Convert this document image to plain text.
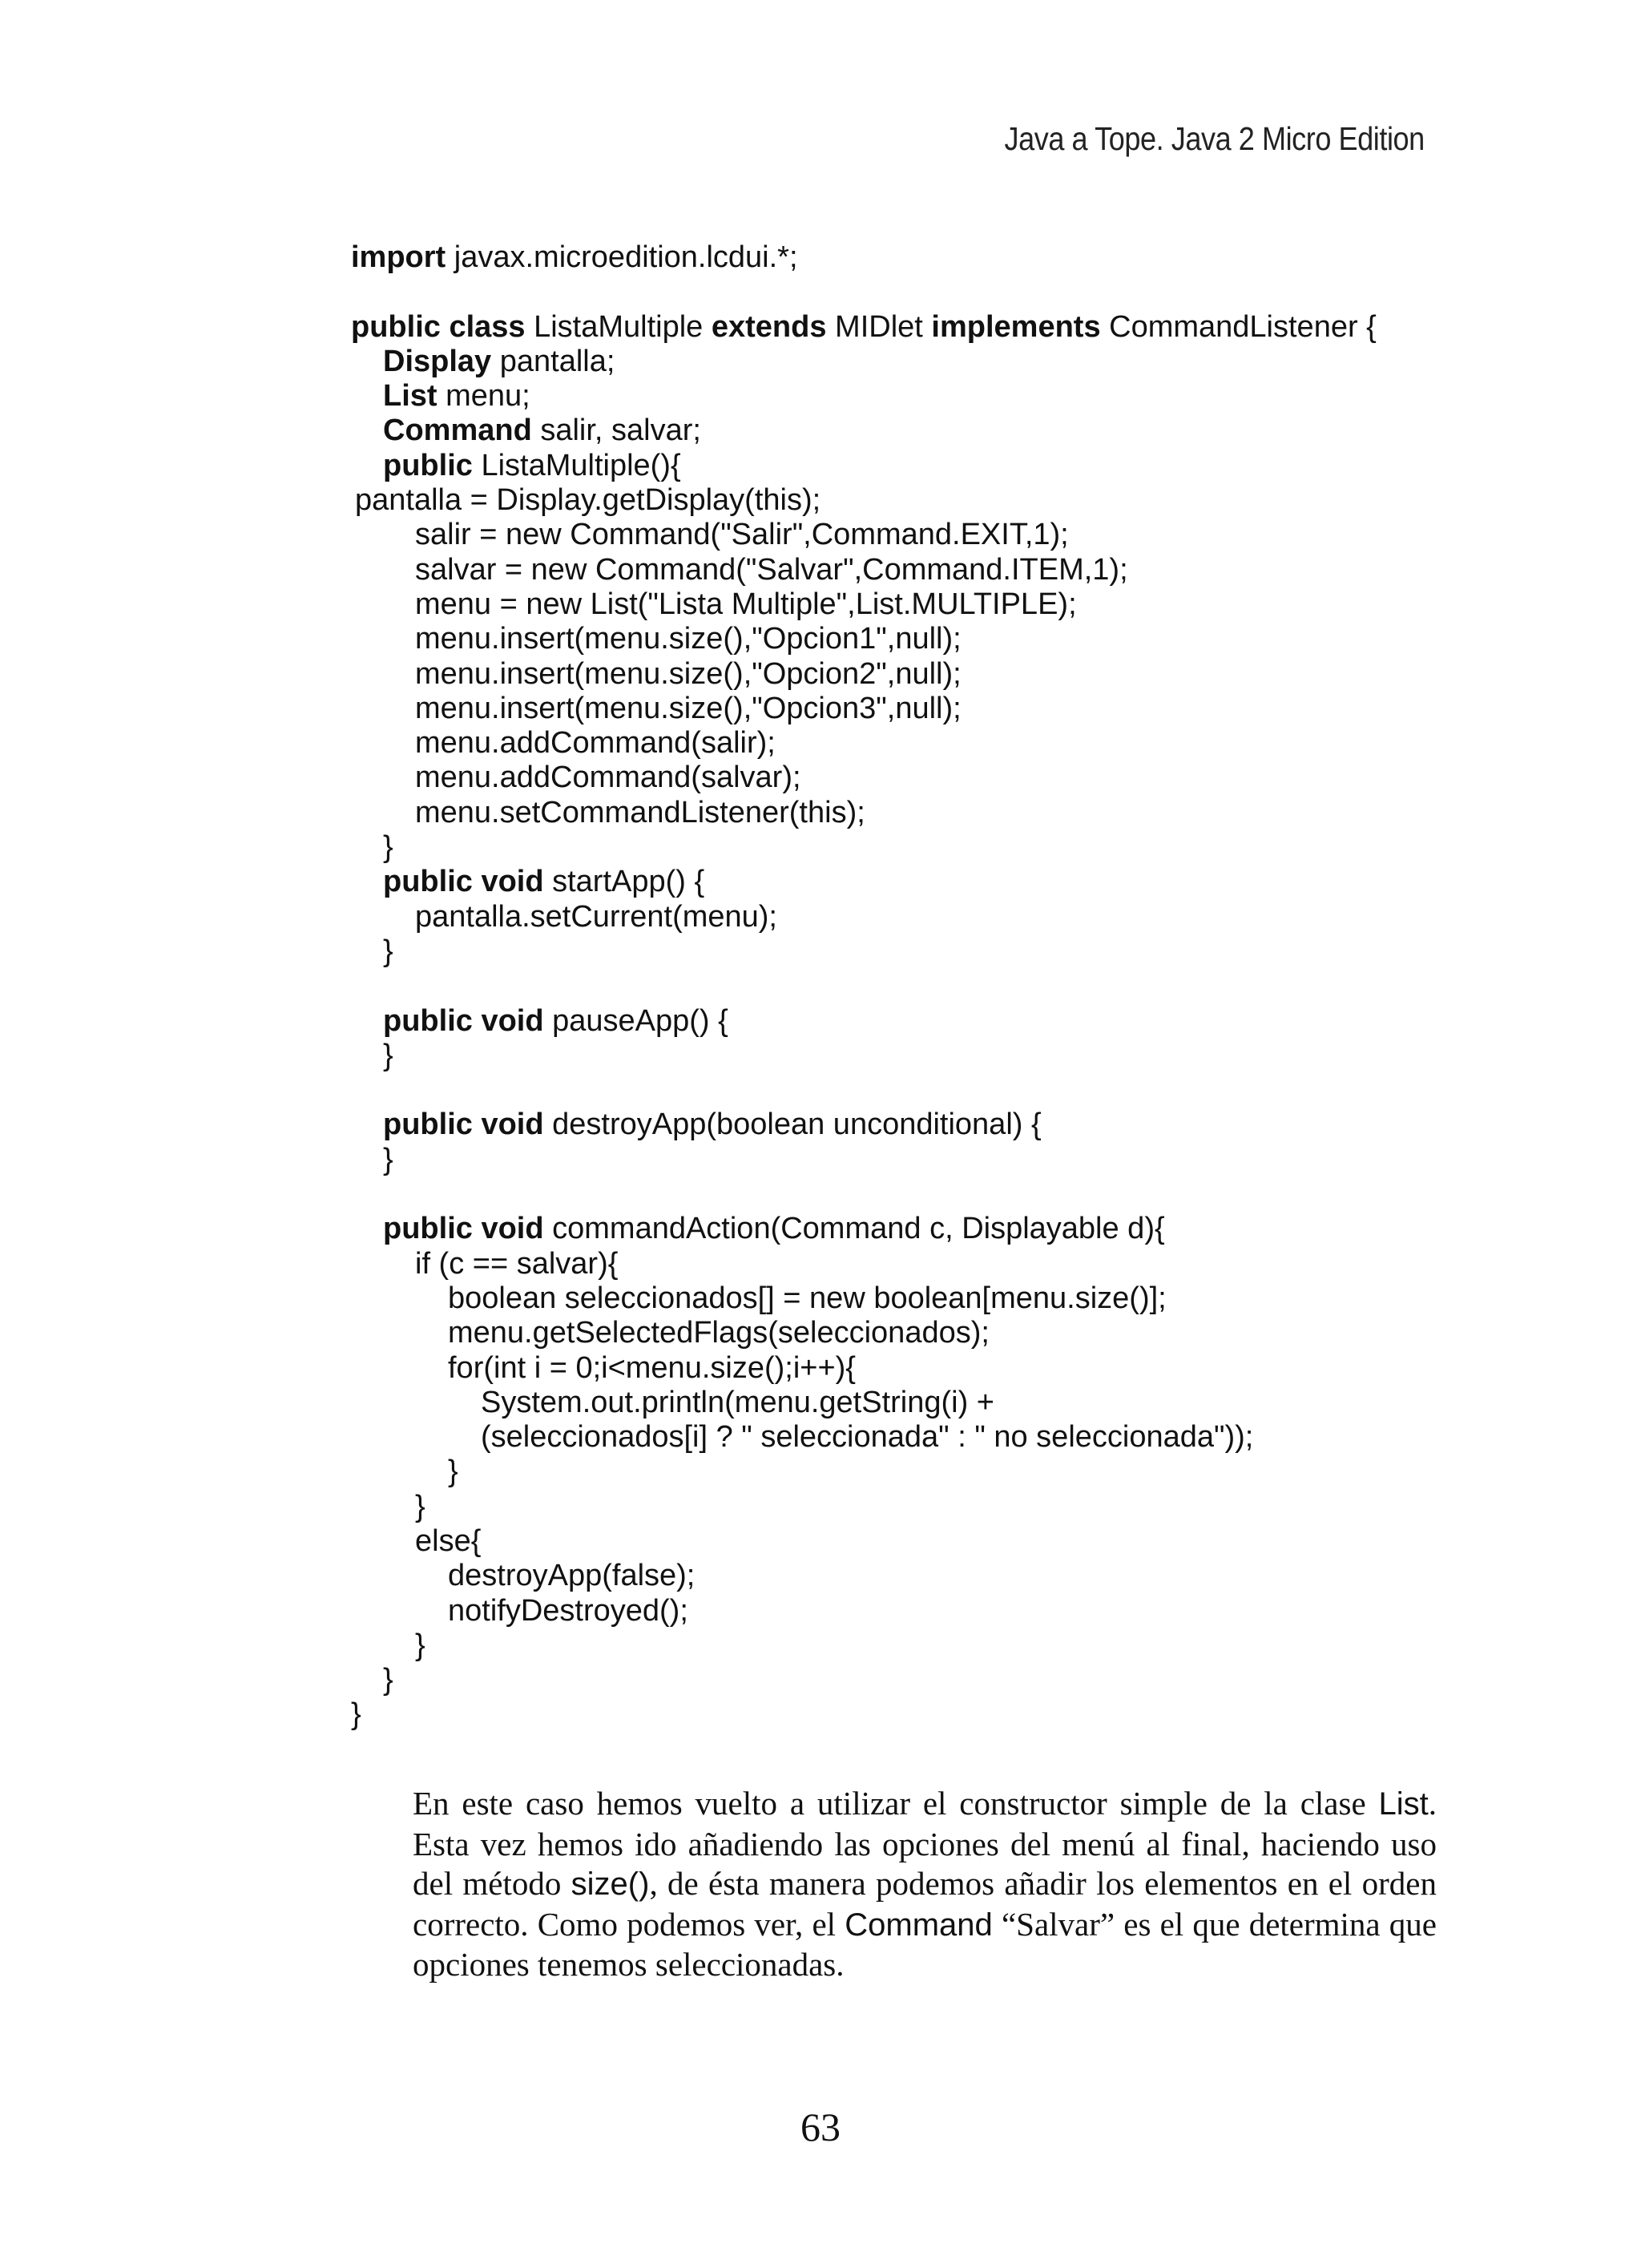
Java a Tope. Java 2 Micro Edition
import javax.microedition.lcdui.*;
public class ListaMultiple extends MIDlet implements CommandListener {
Display pantalla;
List menu;
Command salir, salvar;
public ListaMultiple(){
pantalla = Display.getDisplay(this);
salir = new Command("Salir",Command.EXIT,1);
salvar = new Command("Salvar",Command.ITEM,1);
menu = new List("Lista Multiple",List.MULTIPLE);
menu.insert(menu.size(),"Opcion1",null);
menu.insert(menu.size(),"Opcion2",null);
menu.insert(menu.size(),"Opcion3",null);
menu.addCommand(salir);
menu.addCommand(salvar);
menu.setCommandListener(this);
}
public void startApp() {
pantalla.setCurrent(menu);
}
public void pauseApp() {
}
public void destroyApp(boolean unconditional) {
}
public void commandAction(Command c, Displayable d){
if (c == salvar){
boolean seleccionados[] = new boolean[menu.size()];
menu.getSelectedFlags(seleccionados);
for(int i = 0;i<menu.size();i++){
System.out.println(menu.getString(i) +
(seleccionados[i] ? " seleccionada" : " no seleccionada"));
}
}
else{
destroyApp(false);
notifyDestroyed();
}
}
}

En este caso hemos vuelto a utilizar el constructor simple de la clase List. Esta vez hemos ido añadiendo las opciones del menú al final, haciendo uso del método size(), de ésta manera podemos añadir los elementos en el orden correcto. Como podemos ver, el Command “Salvar” es el que determina que opciones tenemos seleccionadas.

63
